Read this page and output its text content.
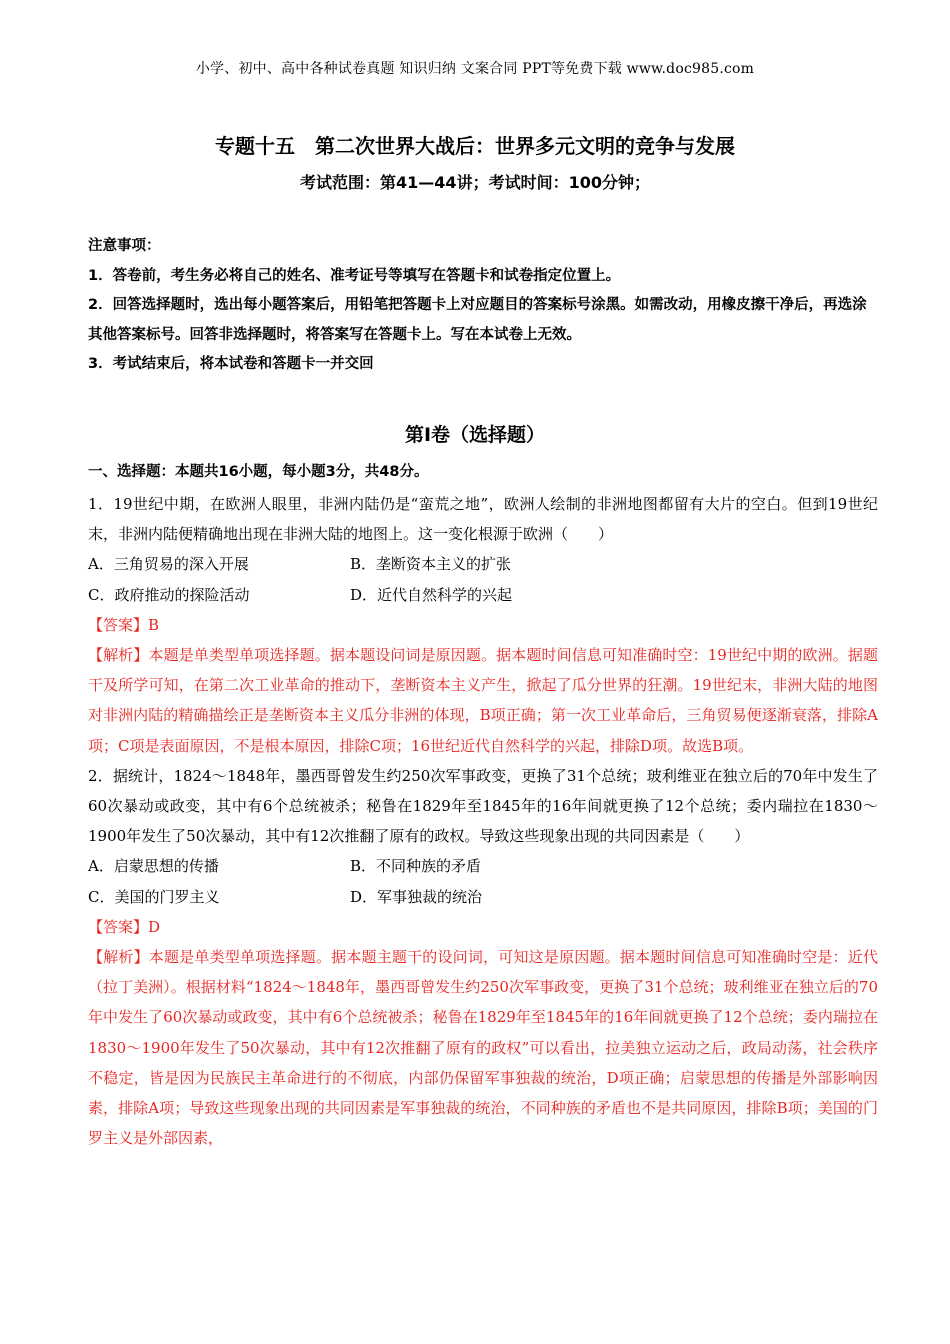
小学、初中、高中各种试卷真题 知识归纳 文案合同 PPT等免费下载 www.doc985.com
专题十五　第二次世界大战后：世界多元文明的竞争与发展
考试范围：第41—44讲；考试时间：100分钟；

注意事项：

1．答卷前，考生务必将自己的姓名、准考证号等填写在答题卡和试卷指定位置上。

2．回答选择题时，选出每小题答案后，用铅笔把答题卡上对应题目的答案标号涂黑。如需改动，用橡皮擦干净后，再选涂其他答案标号。回答非选择题时，将答案写在答题卡上。写在本试卷上无效。

3．考试结束后，将本试卷和答题卡一并交回

第I卷（选择题）
一、选择题：本题共16小题，每小题3分，共48分。

1．19世纪中期，在欧洲人眼里，非洲内陆仍是“蛮荒之地”，欧洲人绘制的非洲地图都留有大片的空白。但到19世纪末，非洲内陆便精确地出现在非洲大陆的地图上。这一变化根源于欧洲（　　）

A．三角贸易的深入开展	B．垄断资本主义的扩张
C．政府推动的探险活动	D．近代自然科学的兴起

【答案】B

【解析】本题是单类型单项选择题。据本题设问词是原因题。据本题时间信息可知准确时空：19世纪中期的欧洲。据题干及所学可知，在第二次工业革命的推动下，垄断资本主义产生，掀起了瓜分世界的狂潮。19世纪末，非洲大陆的地图对非洲内陆的精确描绘正是垄断资本主义瓜分非洲的体现，B项正确；第一次工业革命后，三角贸易便逐渐衰落，排除A项；C项是表面原因，不是根本原因，排除C项；16世纪近代自然科学的兴起，排除D项。故选B项。

2．据统计，1824～1848年，墨西哥曾发生约250次军事政变，更换了31个总统；玻利维亚在独立后的70年中发生了60次暴动或政变，其中有6个总统被杀；秘鲁在1829年至1845年的16年间就更换了12个总统；委内瑞拉在1830～1900年发生了50次暴动，其中有12次推翻了原有的政权。导致这些现象出现的共同因素是（　　）

A．启蒙思想的传播	B．不同种族的矛盾
C．美国的门罗主义	D．军事独裁的统治

【答案】D

【解析】本题是单类型单项选择题。据本题主题干的设问词，可知这是原因题。据本题时间信息可知准确时空是：近代（拉丁美洲）。根据材料“1824～1848年，墨西哥曾发生约250次军事政变，更换了31个总统；玻利维亚在独立后的70年中发生了60次暴动或政变，其中有6个总统被杀；秘鲁在1829年至1845年的16年间就更换了12个总统；委内瑞拉在1830～1900年发生了50次暴动，其中有12次推翻了原有的政权”可以看出，拉美独立运动之后，政局动荡，社会秩序不稳定，皆是因为民族民主革命进行的不彻底，内部仍保留军事独裁的统治，D项正确；启蒙思想的传播是外部影响因素，排除A项；导致这些现象出现的共同因素是军事独裁的统治，不同种族的矛盾也不是共同原因，排除B项；美国的门罗主义是外部因素，
